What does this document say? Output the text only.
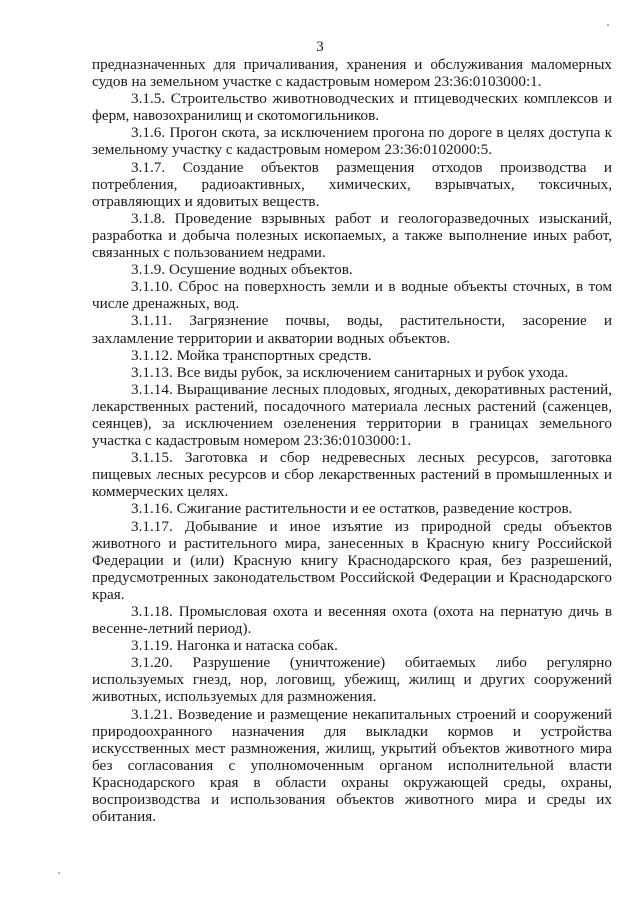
3

предназначенных для причаливания, хранения и обслуживания маломерных судов на земельном участке с кадастровым номером 23:36:0103000:1.

3.1.5. Строительство животноводческих и птицеводческих комплексов и ферм, навозохранилищ и скотомогильников.

3.1.6. Прогон скота, за исключением прогона по дороге в целях доступа к земельному участку с кадастровым номером 23:36:0102000:5.

3.1.7. Создание объектов размещения отходов производства и потребления, радиоактивных, химических, взрывчатых, токсичных, отравляющих и ядовитых веществ.

3.1.8. Проведение взрывных работ и геологоразведочных изысканий, разработка и добыча полезных ископаемых, а также выполнение иных работ, связанных с пользованием недрами.

3.1.9. Осушение водных объектов.

3.1.10. Сброс на поверхность земли и в водные объекты сточных, в том числе дренажных, вод.

3.1.11. Загрязнение почвы, воды, растительности, засорение и захламление территории и акватории водных объектов.

3.1.12. Мойка транспортных средств.

3.1.13. Все виды рубок, за исключением санитарных и рубок ухода.

3.1.14. Выращивание лесных плодовых, ягодных, декоративных растений, лекарственных растений, посадочного материала лесных растений (саженцев, сеянцев), за исключением озеленения территории в границах земельного участка с кадастровым номером 23:36:0103000:1.

3.1.15. Заготовка и сбор недревесных лесных ресурсов, заготовка пищевых лесных ресурсов и сбор лекарственных растений в промышленных и коммерческих целях.

3.1.16. Сжигание растительности и ее остатков, разведение костров.

3.1.17. Добывание и иное изъятие из природной среды объектов животного и растительного мира, занесенных в Красную книгу Российской Федерации и (или) Красную книгу Краснодарского края, без разрешений, предусмотренных законодательством Российской Федерации и Краснодарского края.

3.1.18. Промысловая охота и весенняя охота (охота на пернатую дичь в весенне-летний период).

3.1.19. Нагонка и натаска собак.

3.1.20. Разрушение (уничтожение) обитаемых либо регулярно используемых гнезд, нор, логовищ, убежищ, жилищ и других сооружений животных, используемых для размножения.

3.1.21. Возведение и размещение некапитальных строений и сооружений природоохранного назначения для выкладки кормов и устройства искусственных мест размножения, жилищ, укрытий объектов животного мира без согласования с уполномоченным органом исполнительной власти Краснодарского края в области охраны окружающей среды, охраны, воспроизводства и использования объектов животного мира и среды их обитания.
